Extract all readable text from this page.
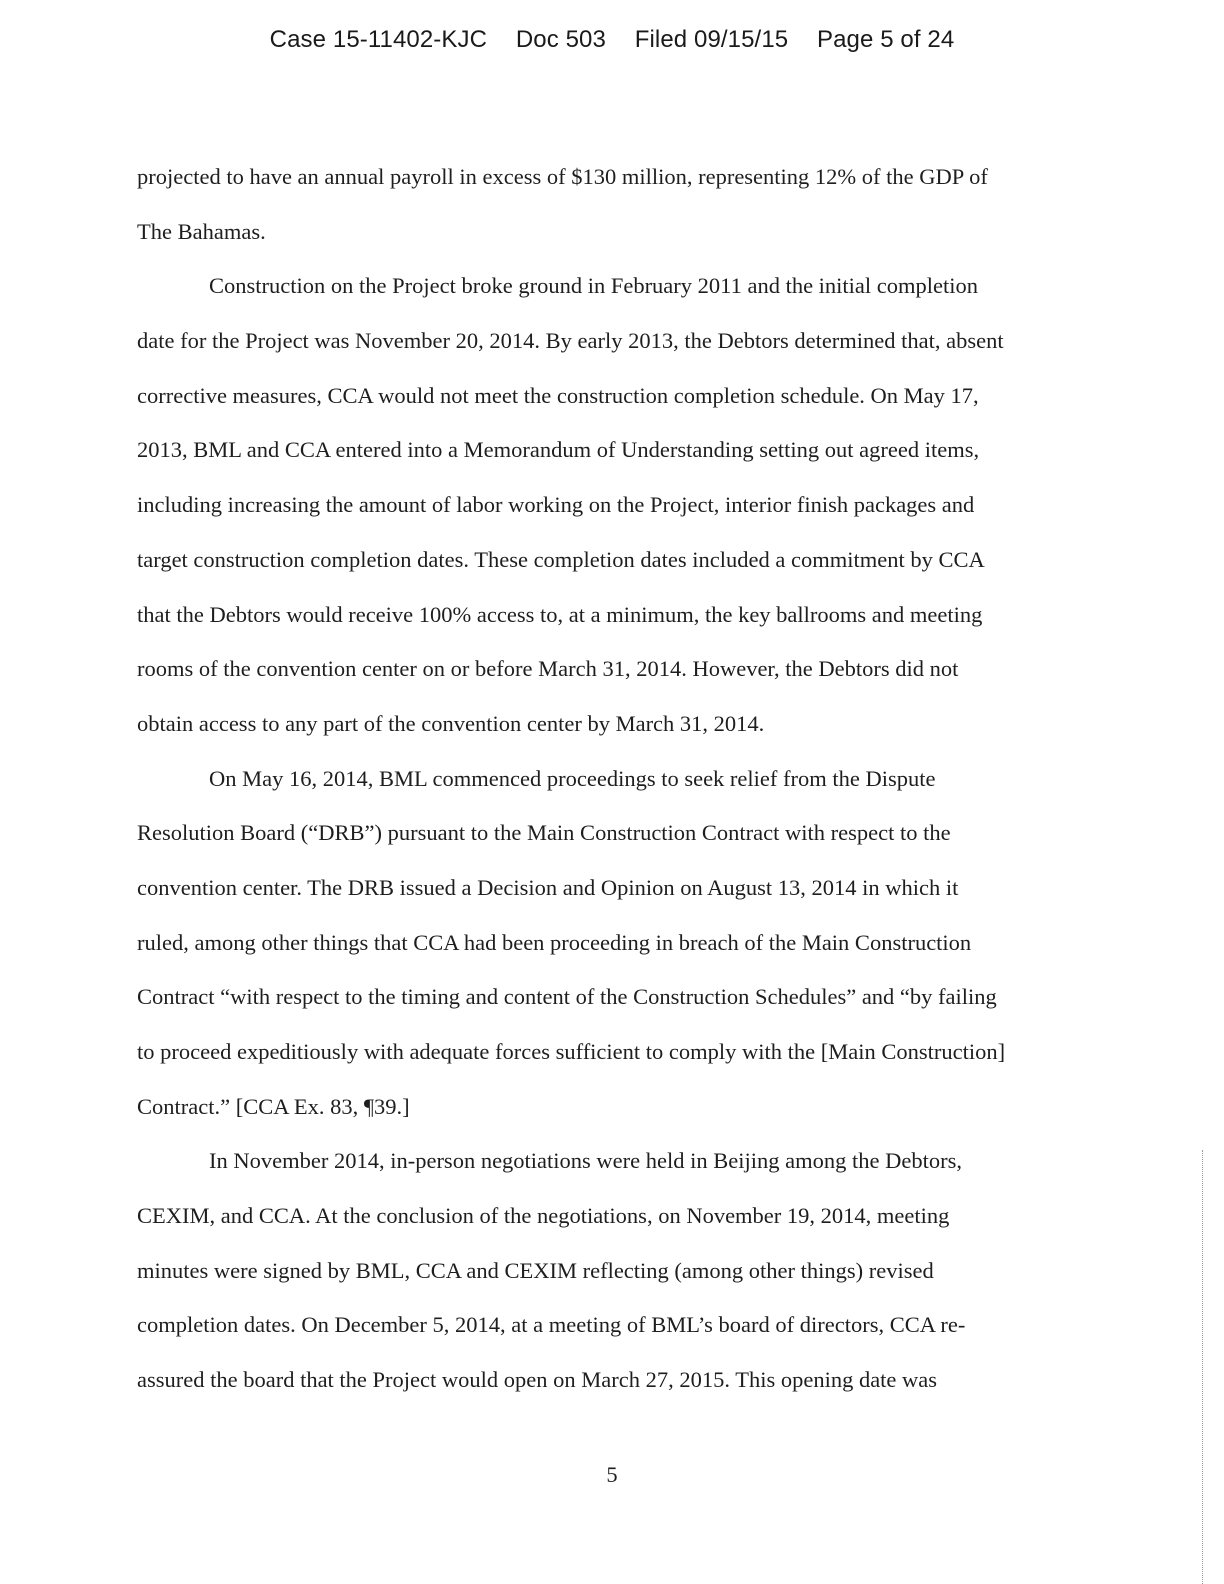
Case 15-11402-KJC Doc 503 Filed 09/15/15 Page 5 of 24
projected to have an annual payroll in excess of $130 million, representing 12% of the GDP of
The Bahamas.
Construction on the Project broke ground in February 2011 and the initial completion
date for the Project was November 20, 2014. By early 2013, the Debtors determined that, absent
corrective measures, CCA would not meet the construction completion schedule. On May 17,
2013, BML and CCA entered into a Memorandum of Understanding setting out agreed items,
including increasing the amount of labor working on the Project, interior finish packages and
target construction completion dates. These completion dates included a commitment by CCA
that the Debtors would receive 100% access to, at a minimum, the key ballrooms and meeting
rooms of the convention center on or before March 31, 2014. However, the Debtors did not
obtain access to any part of the convention center by March 31, 2014.
On May 16, 2014, BML commenced proceedings to seek relief from the Dispute
Resolution Board (“DRB”) pursuant to the Main Construction Contract with respect to the
convention center. The DRB issued a Decision and Opinion on August 13, 2014 in which it
ruled, among other things that CCA had been proceeding in breach of the Main Construction
Contract “with respect to the timing and content of the Construction Schedules” and “by failing
to proceed expeditiously with adequate forces sufficient to comply with the [Main Construction]
Contract.” [CCA Ex. 83, ¶39.]
In November 2014, in-person negotiations were held in Beijing among the Debtors,
CEXIM, and CCA. At the conclusion of the negotiations, on November 19, 2014, meeting
minutes were signed by BML, CCA and CEXIM reflecting (among other things) revised
completion dates. On December 5, 2014, at a meeting of BML’s board of directors, CCA re-
assured the board that the Project would open on March 27, 2015. This opening date was
5
